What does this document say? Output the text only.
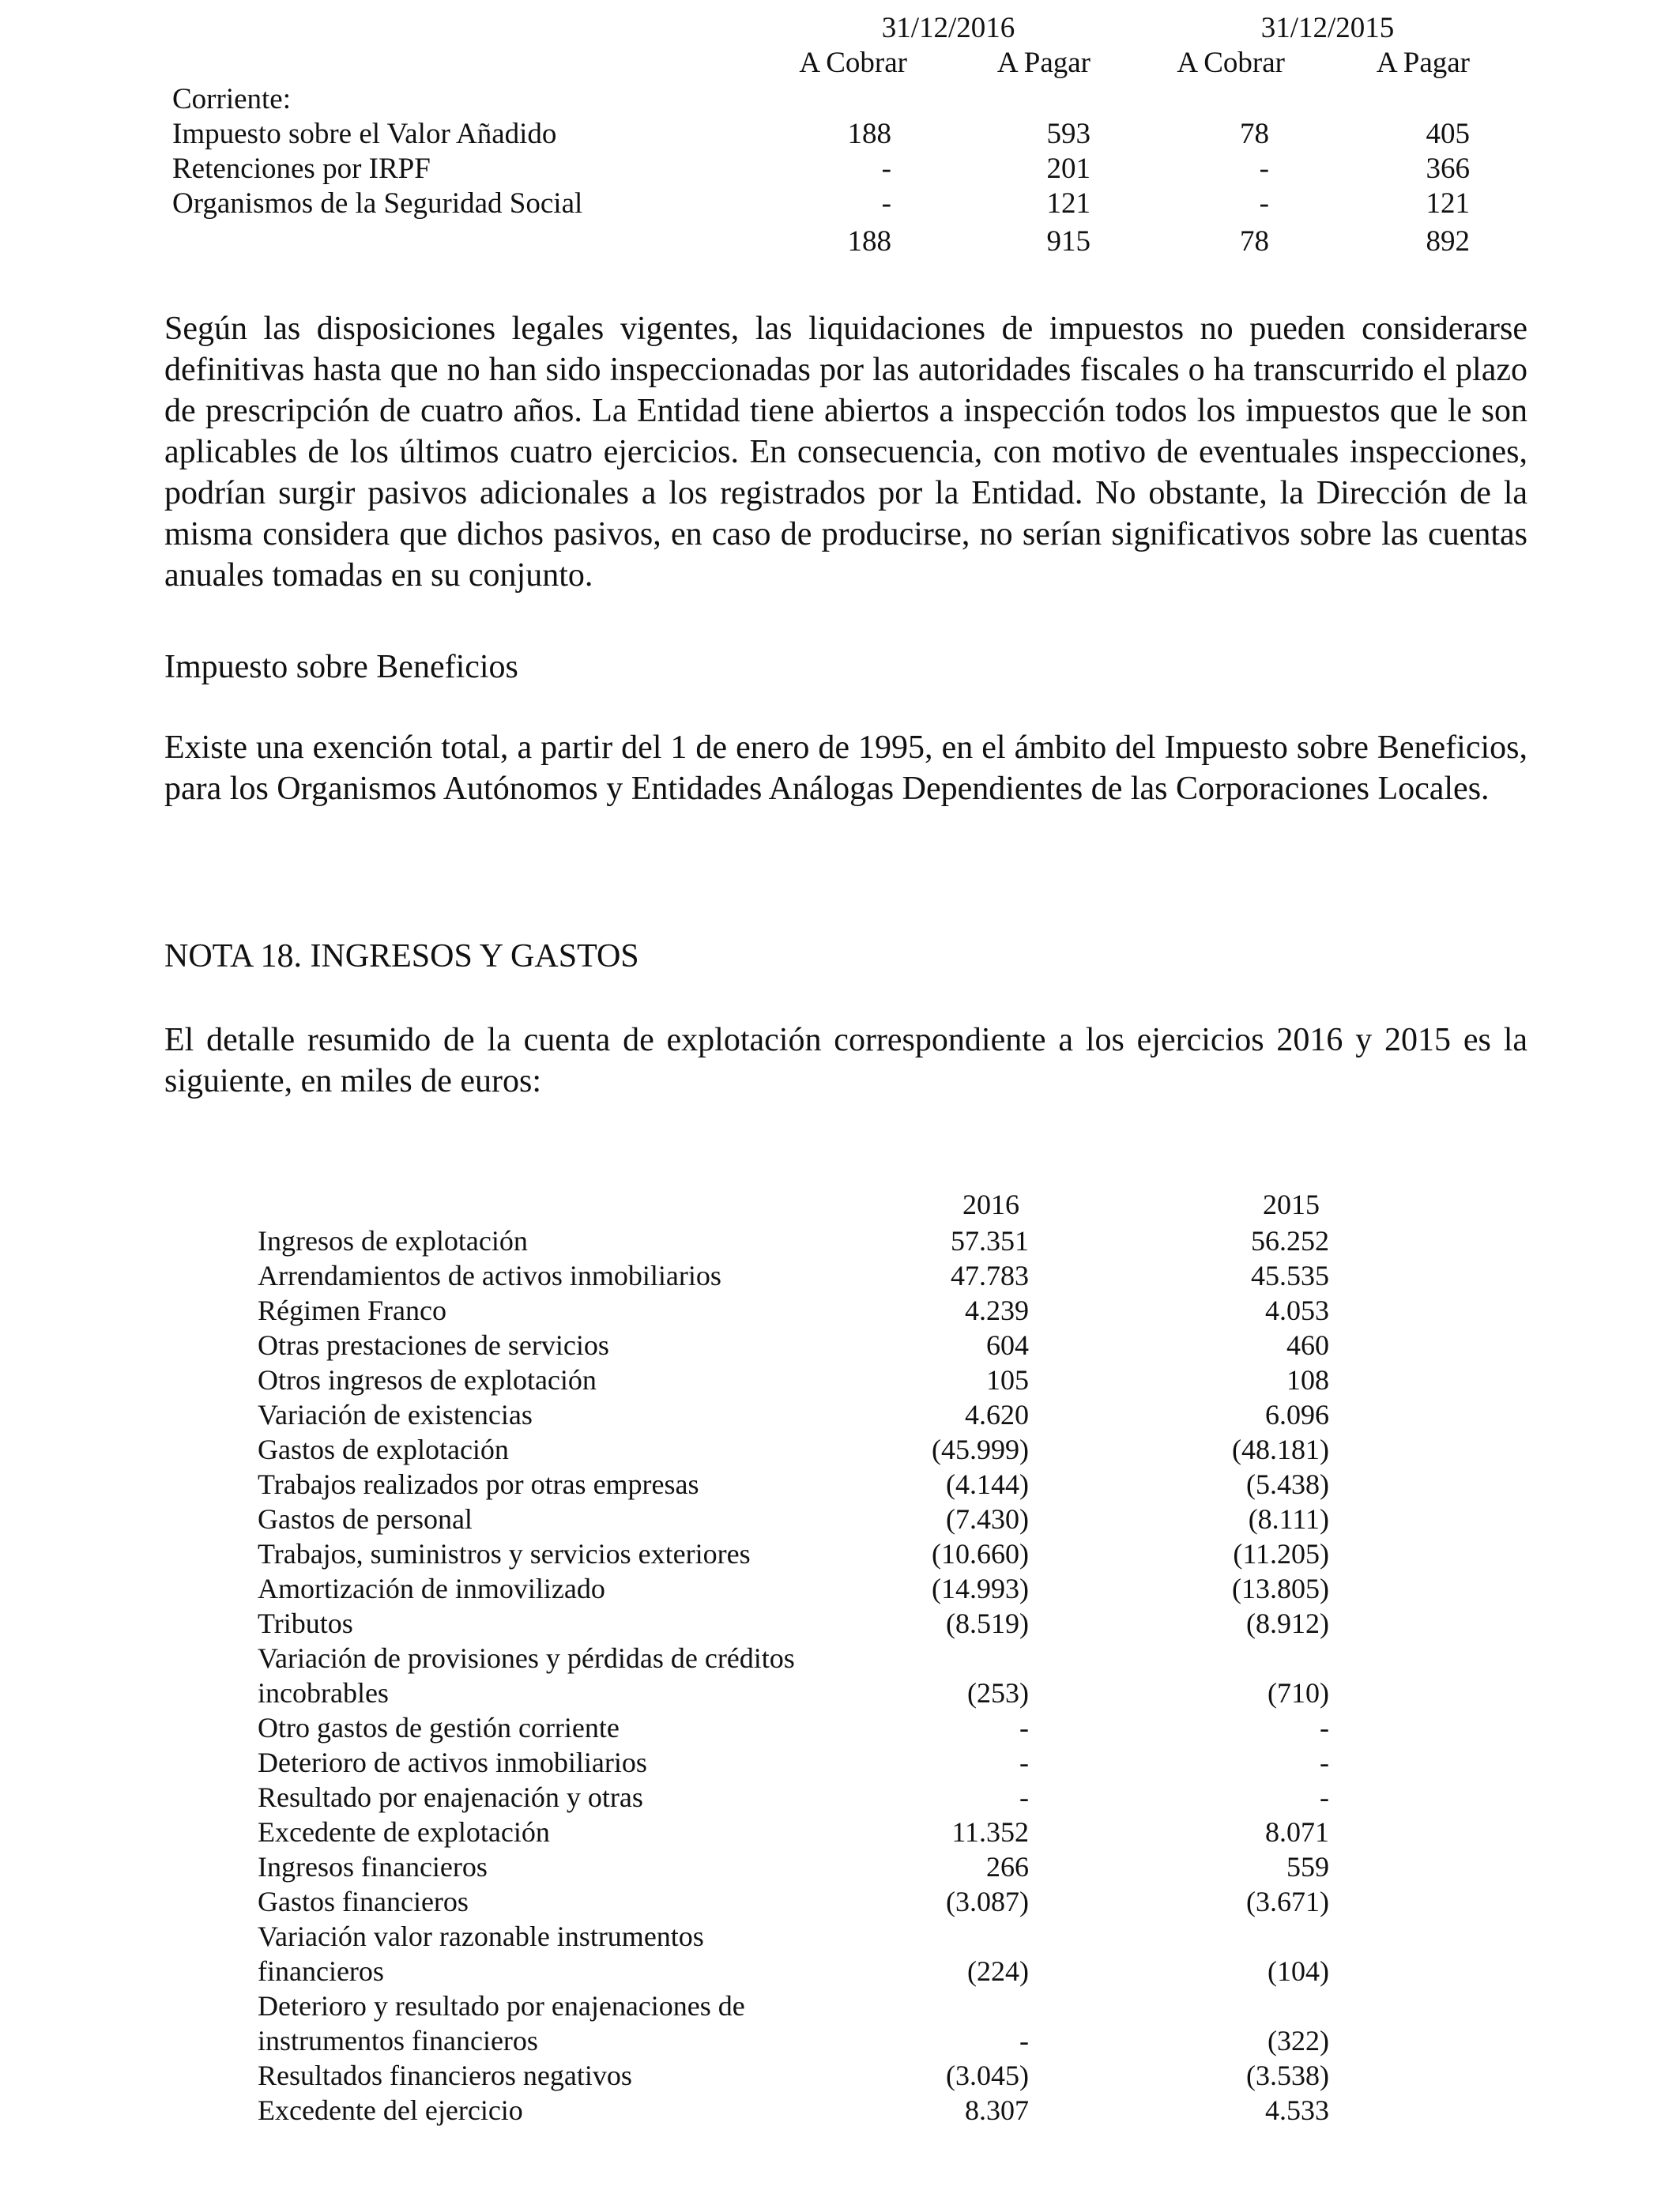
31/12/2016	31/12/2015
A Cobrar	A Pagar	A Cobrar	A Pagar
Corriente:
Impuesto sobre el Valor Añadido	188	593	78	405
Retenciones por IRPF	-	201	-	366
Organismos de la Seguridad Social	-	121	-	121
188	915	78	892
Según las disposiciones legales vigentes, las liquidaciones de impuestos no pueden considerarse definitivas hasta que no han sido inspeccionadas por las autoridades fiscales o ha transcurrido el plazo de prescripción de cuatro años. La Entidad tiene abiertos a inspección todos los impuestos que le son aplicables de los últimos cuatro ejercicios. En consecuencia, con motivo de eventuales inspecciones, podrían surgir pasivos adicionales a los registrados por la Entidad. No obstante, la Dirección de la misma considera que dichos pasivos, en caso de producirse, no serían significativos sobre las cuentas anuales tomadas en su conjunto.
Impuesto sobre Beneficios
Existe una exención total, a partir del 1 de enero de 1995, en el ámbito del Impuesto sobre Beneficios, para los Organismos Autónomos y Entidades Análogas Dependientes de las Corporaciones Locales.
NOTA 18. INGRESOS Y GASTOS
El detalle resumido de la cuenta de explotación correspondiente a los ejercicios 2016 y 2015 es la siguiente, en miles de euros:
2016	2015
Ingresos de explotación	57.351	56.252
Arrendamientos de activos inmobiliarios	47.783	45.535
Régimen Franco	4.239	4.053
Otras prestaciones de servicios	604	460
Otros ingresos de explotación	105	108
Variación de existencias	4.620	6.096
Gastos de explotación	(45.999)	(48.181)
Trabajos realizados por otras empresas	(4.144)	(5.438)
Gastos de personal	(7.430)	(8.111)
Trabajos, suministros y servicios exteriores	(10.660)	(11.205)
Amortización de inmovilizado	(14.993)	(13.805)
Tributos	(8.519)	(8.912)
Variación de provisiones y pérdidas de créditos
incobrables	(253)	(710)
Otro gastos de gestión corriente	-	-
Deterioro de activos inmobiliarios	-	-
Resultado por enajenación y otras	-	-
Excedente de explotación	11.352	8.071
Ingresos financieros	266	559
Gastos financieros	(3.087)	(3.671)
Variación valor razonable instrumentos
financieros	(224)	(104)
Deterioro y resultado por enajenaciones de
instrumentos financieros	-	(322)
Resultados financieros negativos	(3.045)	(3.538)
Excedente del ejercicio	8.307	4.533
